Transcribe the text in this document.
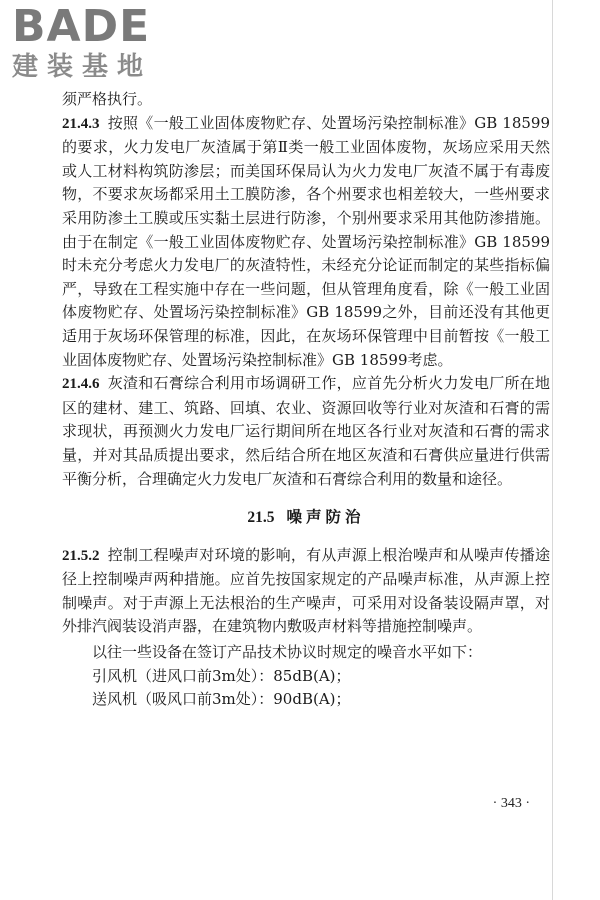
BADE
建装基地

须严格执行。

21.4.3 按照《一般工业固体废物贮存、处置场污染控制标准》GB 18599的要求，火力发电厂灰渣属于第Ⅱ类一般工业固体废物，灰场应采用天然或人工材料构筑防渗层；而美国环保局认为火力发电厂灰渣不属于有毒废物，不要求灰场都采用土工膜防渗，各个州要求也相差较大，一些州要求采用防渗土工膜或压实黏土层进行防渗，个别州要求采用其他防渗措施。由于在制定《一般工业固体废物贮存、处置场污染控制标准》GB 18599时未充分考虑火力发电厂的灰渣特性，未经充分论证而制定的某些指标偏严，导致在工程实施中存在一些问题，但从管理角度看，除《一般工业固体废物贮存、处置场污染控制标准》GB 18599之外，目前还没有其他更适用于灰场环保管理的标准，因此，在灰场环保管理中目前暂按《一般工业固体废物贮存、处置场污染控制标准》GB 18599考虑。

21.4.6 灰渣和石膏综合利用市场调研工作，应首先分析火力发电厂所在地区的建材、建工、筑路、回填、农业、资源回收等行业对灰渣和石膏的需求现状，再预测火力发电厂运行期间所在地区各行业对灰渣和石膏的需求量，并对其品质提出要求，然后结合所在地区灰渣和石膏供应量进行供需平衡分析，合理确定火力发电厂灰渣和石膏综合利用的数量和途径。

21.5 噪声防治

21.5.2 控制工程噪声对环境的影响，有从声源上根治噪声和从噪声传播途径上控制噪声两种措施。应首先按国家规定的产品噪声标准，从声源上控制噪声。对于声源上无法根治的生产噪声，可采用对设备装设隔声罩，对外排汽阀装设消声器，在建筑物内敷吸声材料等措施控制噪声。

以往一些设备在签订产品技术协议时规定的噪音水平如下：

引风机（进风口前3m处）：85dB(A)；

送风机（吸风口前3m处）：90dB(A)；

· 343 ·
